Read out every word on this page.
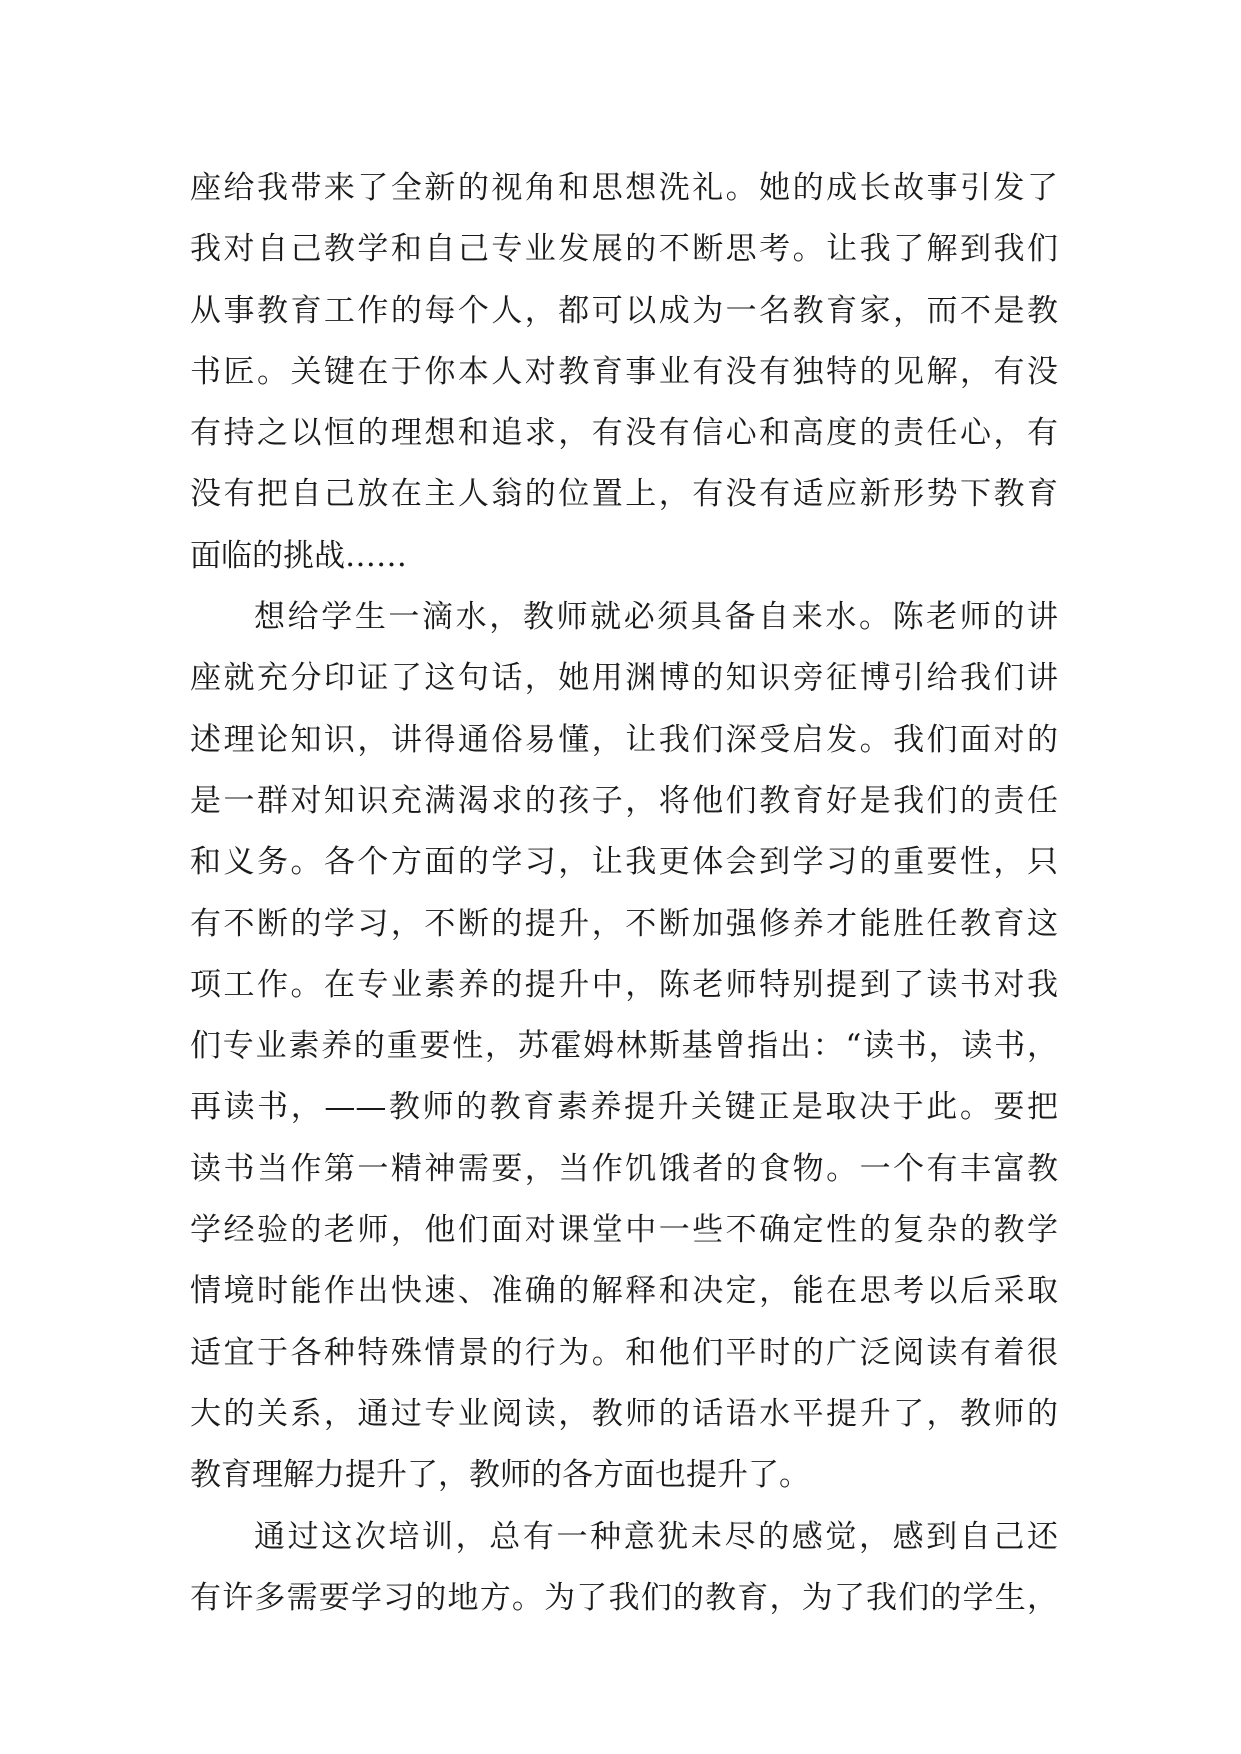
座给我带来了全新的视角和思想洗礼。她的成长故事引发了
我对自己教学和自己专业发展的不断思考。让我了解到我们
从事教育工作的每个人，都可以成为一名教育家，而不是教
书匠。关键在于你本人对教育事业有没有独特的见解，有没
有持之以恒的理想和追求，有没有信心和高度的责任心，有
没有把自己放在主人翁的位置上，有没有适应新形势下教育
面临的挑战……
想给学生一滴水，教师就必须具备自来水。陈老师的讲
座就充分印证了这句话，她用渊博的知识旁征博引给我们讲
述理论知识，讲得通俗易懂，让我们深受启发。我们面对的
是一群对知识充满渴求的孩子，将他们教育好是我们的责任
和义务。各个方面的学习，让我更体会到学习的重要性，只
有不断的学习，不断的提升，不断加强修养才能胜任教育这
项工作。在专业素养的提升中，陈老师特别提到了读书对我
们专业素养的重要性，苏霍姆林斯基曾指出：“读书，读书，
再读书，——教师的教育素养提升关键正是取决于此。要把
读书当作第一精神需要，当作饥饿者的食物。一个有丰富教
学经验的老师，他们面对课堂中一些不确定性的复杂的教学
情境时能作出快速、准确的解释和决定，能在思考以后采取
适宜于各种特殊情景的行为。和他们平时的广泛阅读有着很
大的关系，通过专业阅读，教师的话语水平提升了，教师的
教育理解力提升了，教师的各方面也提升了。
通过这次培训，总有一种意犹未尽的感觉，感到自己还
有许多需要学习的地方。为了我们的教育，为了我们的学生，
